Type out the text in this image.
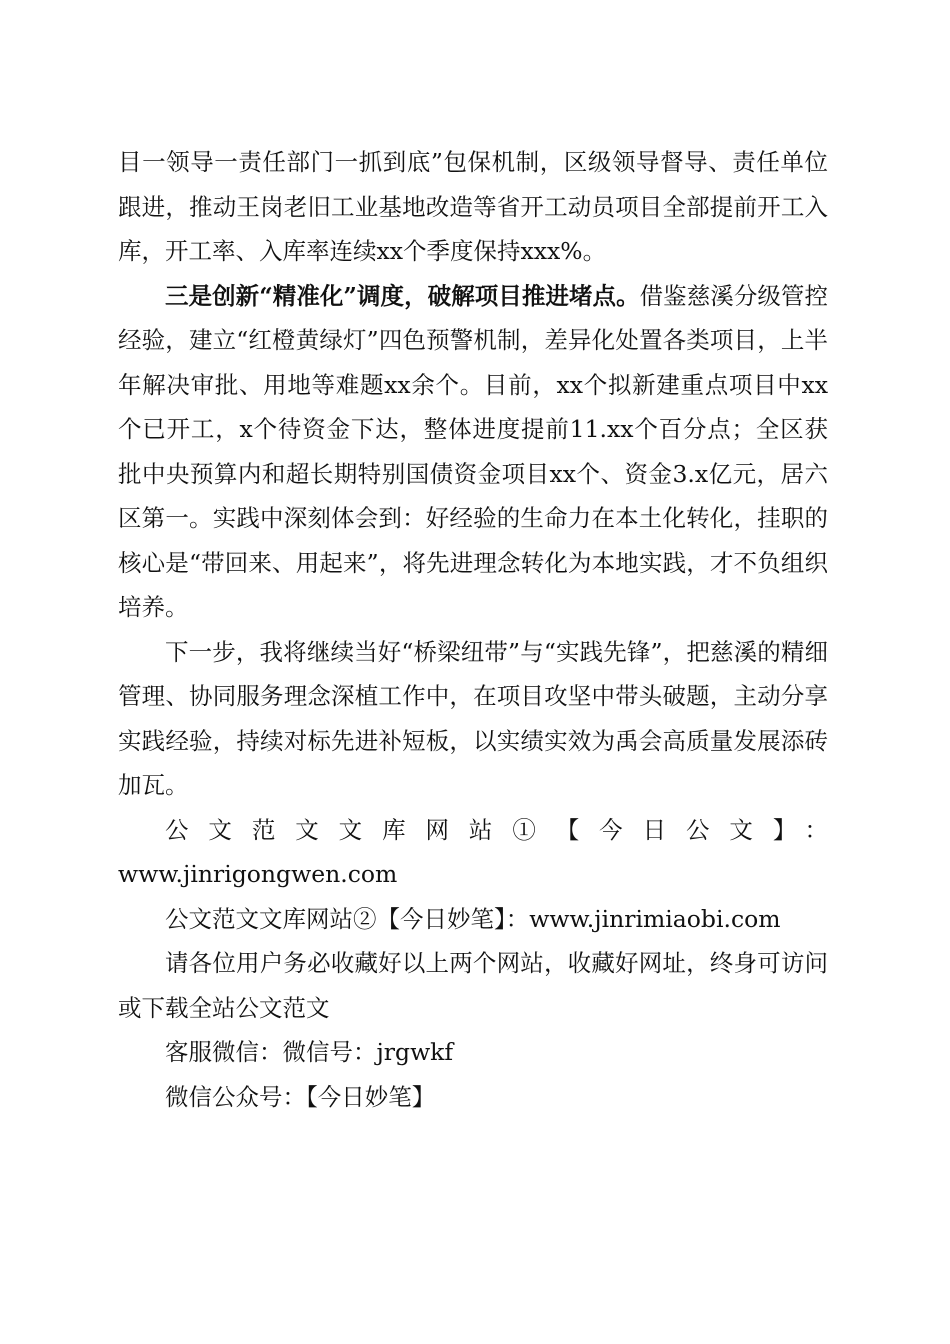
目一领导一责任部门一抓到底”包保机制，区级领导督导、责任单位跟进，推动王岗老旧工业基地改造等省开工动员项目全部提前开工入库，开工率、入库率连续xx个季度保持xxx%。

三是创新“精准化”调度，破解项目推进堵点。借鉴慈溪分级管控经验，建立“红橙黄绿灯”四色预警机制，差异化处置各类项目，上半年解决审批、用地等难题xx余个。目前，xx个拟新建重点项目中xx个已开工，x个待资金下达，整体进度提前11.xx个百分点；全区获批中央预算内和超长期特别国债资金项目xx个、资金3.x亿元，居六区第一。实践中深刻体会到：好经验的生命力在本土化转化，挂职的核心是“带回来、用起来”，将先进理念转化为本地实践，才不负组织培养。

下一步，我将继续当好“桥梁纽带”与“实践先锋”，把慈溪的精细管理、协同服务理念深植工作中，在项目攻坚中带头破题，主动分享实践经验，持续对标先进补短板，以实绩实效为禹会高质量发展添砖加瓦。

公文范文文库网站①【今日公文】：

www.jinrigongwen.com

公文范文文库网站②【今日妙笔】：www.jinrimiaobi.com

请各位用户务必收藏好以上两个网站，收藏好网址，终身可访问或下载全站公文范文

客服微信：微信号：jrgwkf

微信公众号：【今日妙笔】
